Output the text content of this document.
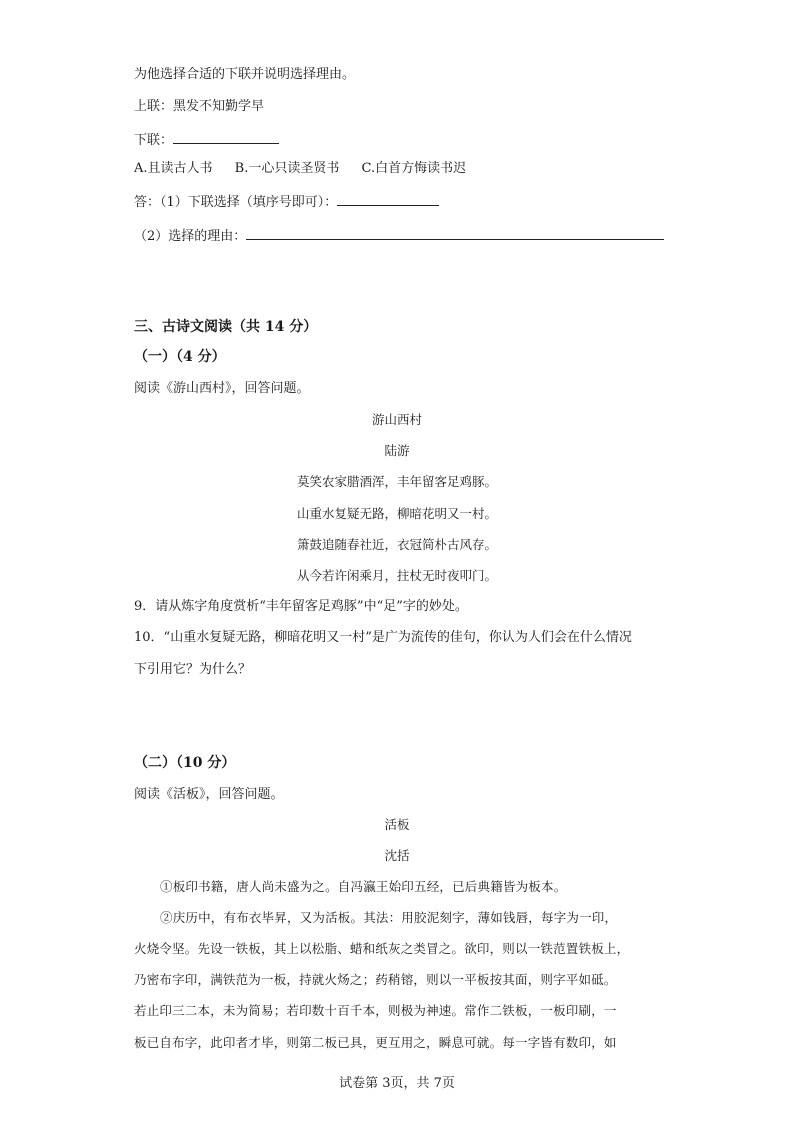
为他选择合适的下联并说明选择理由。
上联：黑发不知勤学早
下联：
A.且读古人书 B.一心只读圣贤书 C.白首方悔读书迟
答：（1）下联选择（填序号即可）：
（2）选择的理由：
三、古诗文阅读（共 14 分）
（一）（4 分）
阅读《游山西村》，回答问题。
游山西村
陆游
莫笑农家腊酒浑，丰年留客足鸡豚。
山重水复疑无路，柳暗花明又一村。
箫鼓追随春社近，衣冠简朴古风存。
从今若许闲乘月，拄杖无时夜叩门。
9．请从炼字角度赏析“丰年留客足鸡豚”中“足”字的妙处。
10．“山重水复疑无路，柳暗花明又一村”是广为流传的佳句，你认为人们会在什么情况
下引用它？为什么？
（二）（10 分）
阅读《活板》，回答问题。
活板
沈括
①板印书籍，唐人尚未盛为之。自冯瀛王始印五经，已后典籍皆为板本。
②庆历中，有布衣毕昇，又为活板。其法：用胶泥刻字，薄如钱唇，每字为一印，
火烧令坚。先设一铁板，其上以松脂、蜡和纸灰之类冒之。欲印，则以一铁范置铁板上，
乃密布字印，满铁范为一板，持就火炀之；药稍镕，则以一平板按其面，则字平如砥。
若止印三二本，未为简易；若印数十百千本，则极为神速。常作二铁板，一板印刷，一
板已自布字，此印者才毕，则第二板已具，更互用之，瞬息可就。每一字皆有数印，如
试卷第 3页，共 7页
